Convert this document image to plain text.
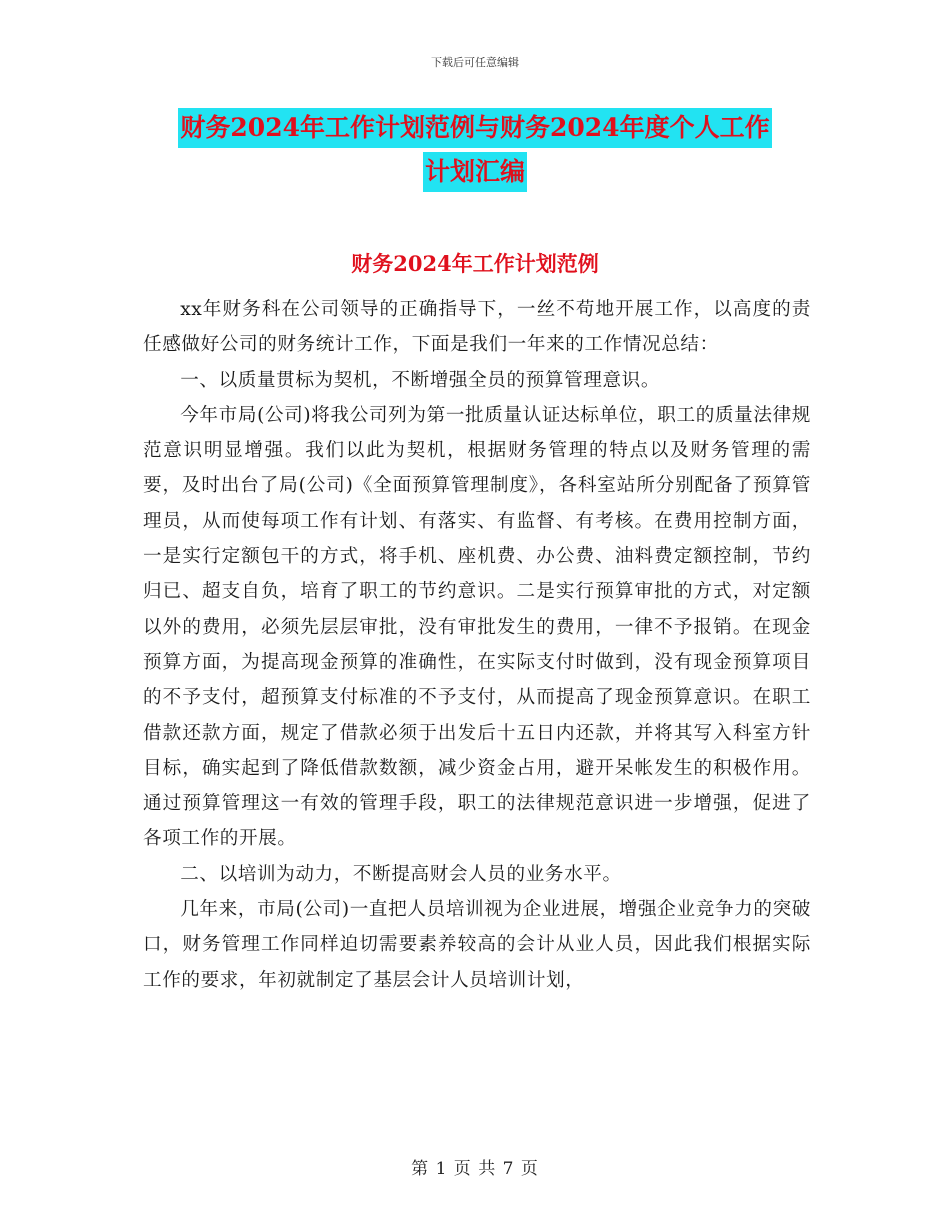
下载后可任意编辑
财务2024年工作计划范例与财务2024年度个人工作
计划汇编
财务2024年工作计划范例

xx年财务科在公司领导的正确指导下，一丝不苟地开展工作，以高度的责任感做好公司的财务统计工作，下面是我们一年来的工作情况总结：

一、以质量贯标为契机，不断增强全员的预算管理意识。

今年市局(公司)将我公司列为第一批质量认证达标单位，职工的质量法律规范意识明显增强。我们以此为契机，根据财务管理的特点以及财务管理的需要，及时出台了局(公司)《全面预算管理制度》，各科室站所分别配备了预算管理员，从而使每项工作有计划、有落实、有监督、有考核。在费用控制方面，一是实行定额包干的方式，将手机、座机费、办公费、油料费定额控制，节约归已、超支自负，培育了职工的节约意识。二是实行预算审批的方式，对定额以外的费用，必须先层层审批，没有审批发生的费用，一律不予报销。在现金预算方面，为提高现金预算的准确性，在实际支付时做到，没有现金预算项目的不予支付，超预算支付标准的不予支付，从而提高了现金预算意识。在职工借款还款方面，规定了借款必须于出发后十五日内还款，并将其写入科室方针目标，确实起到了降低借款数额，减少资金占用，避开呆帐发生的积极作用。通过预算管理这一有效的管理手段，职工的法律规范意识进一步增强，促进了各项工作的开展。

二、以培训为动力，不断提高财会人员的业务水平。

几年来，市局(公司)一直把人员培训视为企业进展，增强企业竞争力的突破口，财务管理工作同样迫切需要素养较高的会计从业人员，因此我们根据实际工作的要求，年初就制定了基层会计人员培训计划，

第 1 页 共 7 页
